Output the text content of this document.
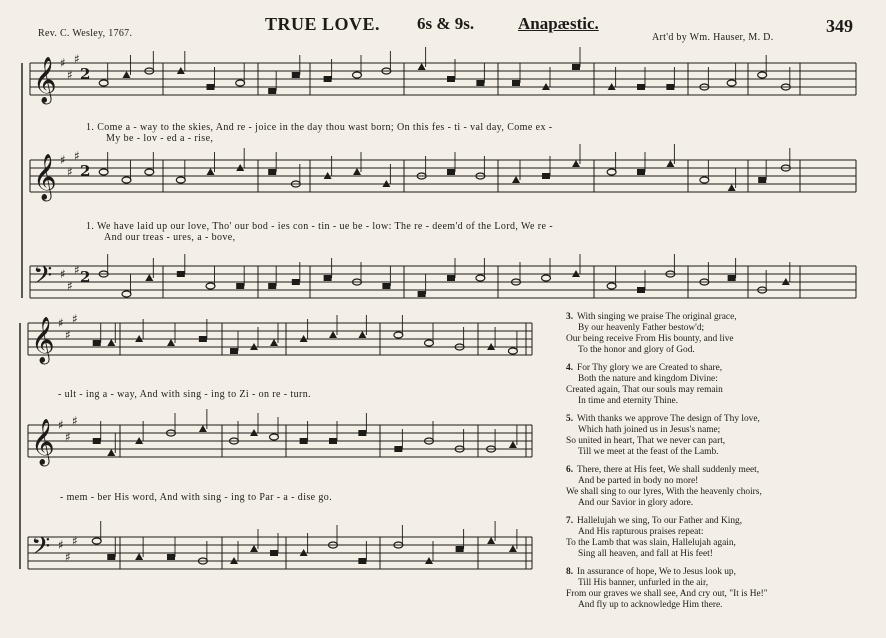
Rev. C. Wesley, 1767.	TRUE LOVE. 6s & 9s.	Anapæstic.
Art'd by Wm. Hauser, M. D.
349
𝄞 ♯
♯
♯
𝄞 ♯
♯
♯
𝄢 ♯
♯
♯
2
2
2
𝄞 ♯
♯
♯
𝄞 ♯
♯
♯
𝄢 ♯
♯
♯
1. Come a - way to the skies, And re - joice in the day thou wast born; On this fes - ti - val day, Come ex -
My be - lov - ed a - rise,
1. We have laid up our love, Tho' our bod - ies con - tin - ue be - low: The re - deem'd of the Lord, We re -
And our treas - ures, a - bove,
- ult - ing a - way, And with sing - ing to Zi - on re - turn.
- mem - ber His word, And with sing - ing to Par - a - dise go.
3. With singing we praise The original grace,
By our heavenly Father bestow'd;
Our being receive From His bounty, and live
To the honor and glory of God.
4. For Thy glory we are Created to share,
Both the nature and kingdom Divine:
Created again, That our souls may remain
In time and eternity Thine.
5. With thanks we approve The design of Thy love,
Which hath joined us in Jesus's name;
So united in heart, That we never can part,
Till we meet at the feast of the Lamb.
6. There, there at His feet, We shall suddenly meet,
And be parted in body no more!
We shall sing to our lyres, With the heavenly choirs,
And our Savior in glory adore.
7. Hallelujah we sing, To our Father and King,
And His rapturous praises repeat:
To the Lamb that was slain, Hallelujah again,
Sing all heaven, and fall at His feet!
8. In assurance of hope, We to Jesus look up,
Till His banner, unfurled in the air,
From our graves we shall see, And cry out, "It is He!"
And fly up to acknowledge Him there.
